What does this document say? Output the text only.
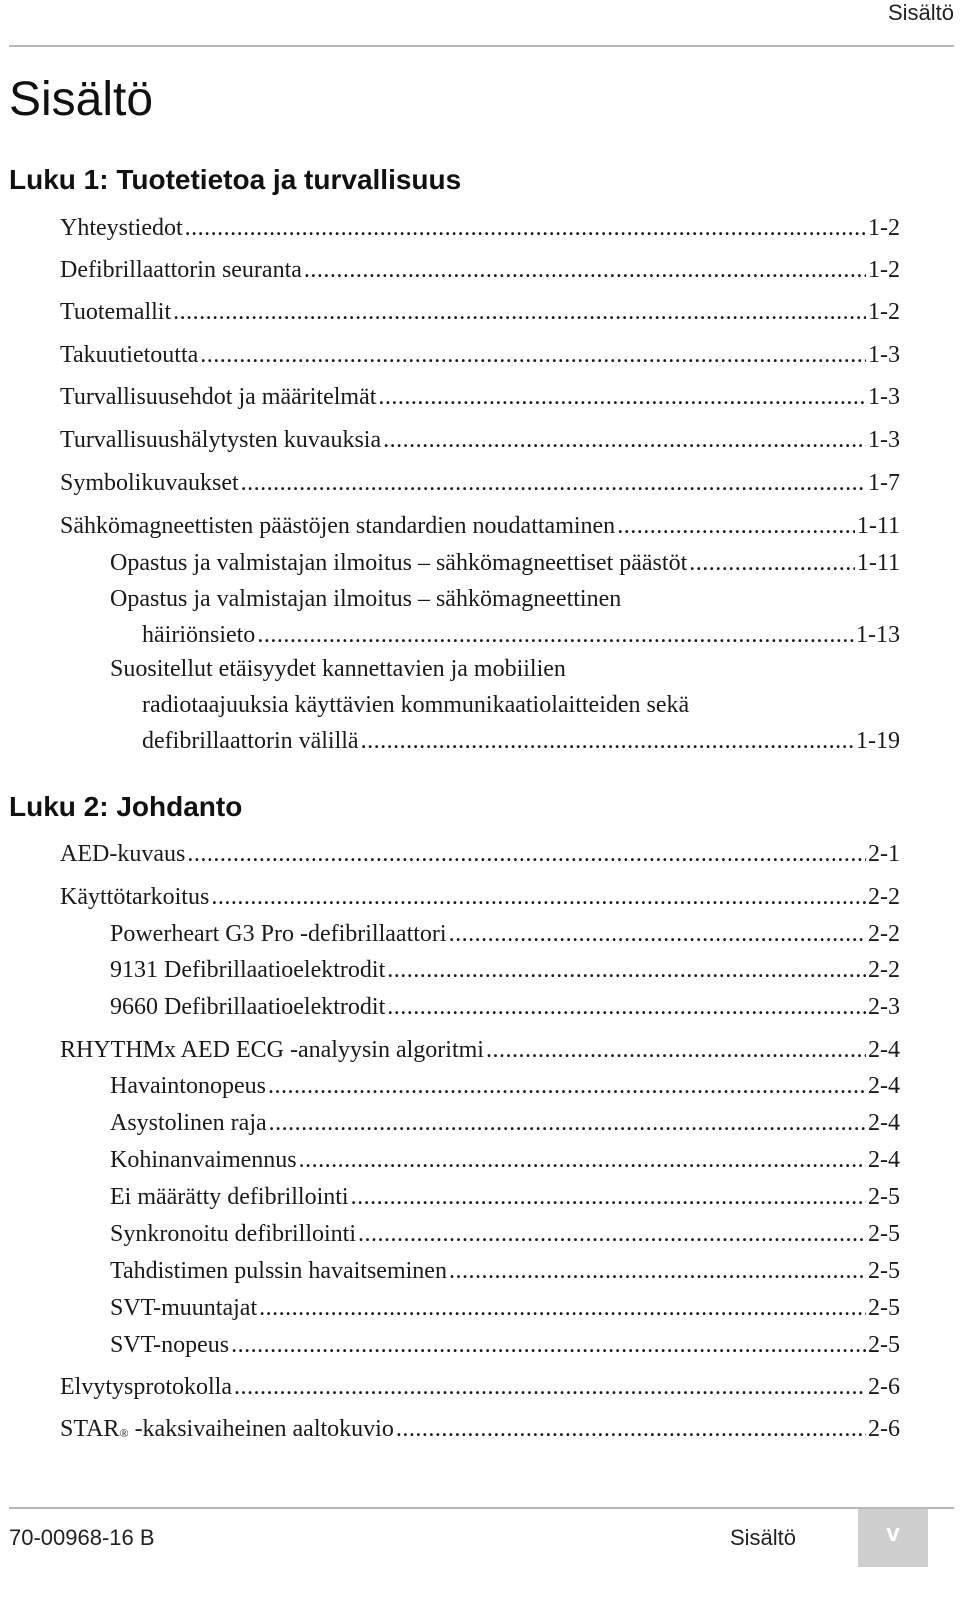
Sisältö
Sisältö
Luku 1: Tuotetietoa ja turvallisuus
Yhteystiedot .....	1-2
Defibrillaattorin seuranta .....	1-2
Tuotemallit .....	1-2
Takuutietoutta .....	1-3
Turvallisuusehdot ja määritelmät .....	1-3
Turvallisuushälytysten kuvauksia .....	1-3
Symbolikuvaukset .....	1-7
Sähkömagneettisten päästöjen standardien noudattaminen .....	1-11
Opastus ja valmistajan ilmoitus – sähkömagneettiset päästöt .....	1-11
Opastus ja valmistajan ilmoitus – sähkömagneettinen
häiriönsieto .....	1-13
Suositellut etäisyydet kannettavien ja mobiilien
radiotaajuuksia käyttävien kommunikaatiolaitteiden sekä
defibrillaattorin välillä .....	1-19
Luku 2: Johdanto
AED-kuvaus .....	2-1
Käyttötarkoitus .....	2-2
Powerheart G3 Pro -defibrillaattori .....	2-2
9131 Defibrillaatioelektrodit .....	2-2
9660 Defibrillaatioelektrodit .....	2-3
RHYTHMx AED ECG -analyysin algoritmi .....	2-4
Havaintonopeus .....	2-4
Asystolinen raja .....	2-4
Kohinanvaimennus .....	2-4
Ei määrätty defibrillointi .....	2-5
Synkronoitu defibrillointi .....	2-5
Tahdistimen pulssin havaitseminen .....	2-5
SVT-muuntajat .....	2-5
SVT-nopeus .....	2-5
Elvytysprotokolla .....	2-6
STAR® -kaksivaiheinen aaltokuvio .....	2-6
70-00968-16 B	Sisältö	v
